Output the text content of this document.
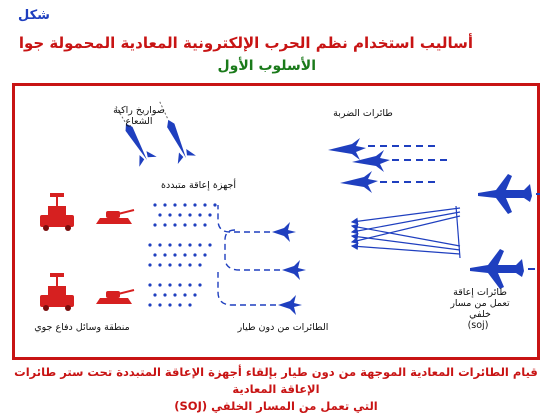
شكل
أساليب استخدام نظم الحرب الإلكترونية المعادية المحمولة جوا
الأسلوب الأول
صواريخ راكبة الشعاع
طائرات الضربة
أجهزة إعاقة متبددة
طائرات إعاقة تعمل من مسار خلفي
(soj)
الطائرات من دون طيار
منطقة وسائل دفاع جوي
قيام الطائرات المعادية الموجهة من دون طيار بإلقاء أجهزة الإعاقة المتبددة تحت ستر طائرات الإعاقة المعادية
التي تعمل من المسار الخلفي (SOJ)
